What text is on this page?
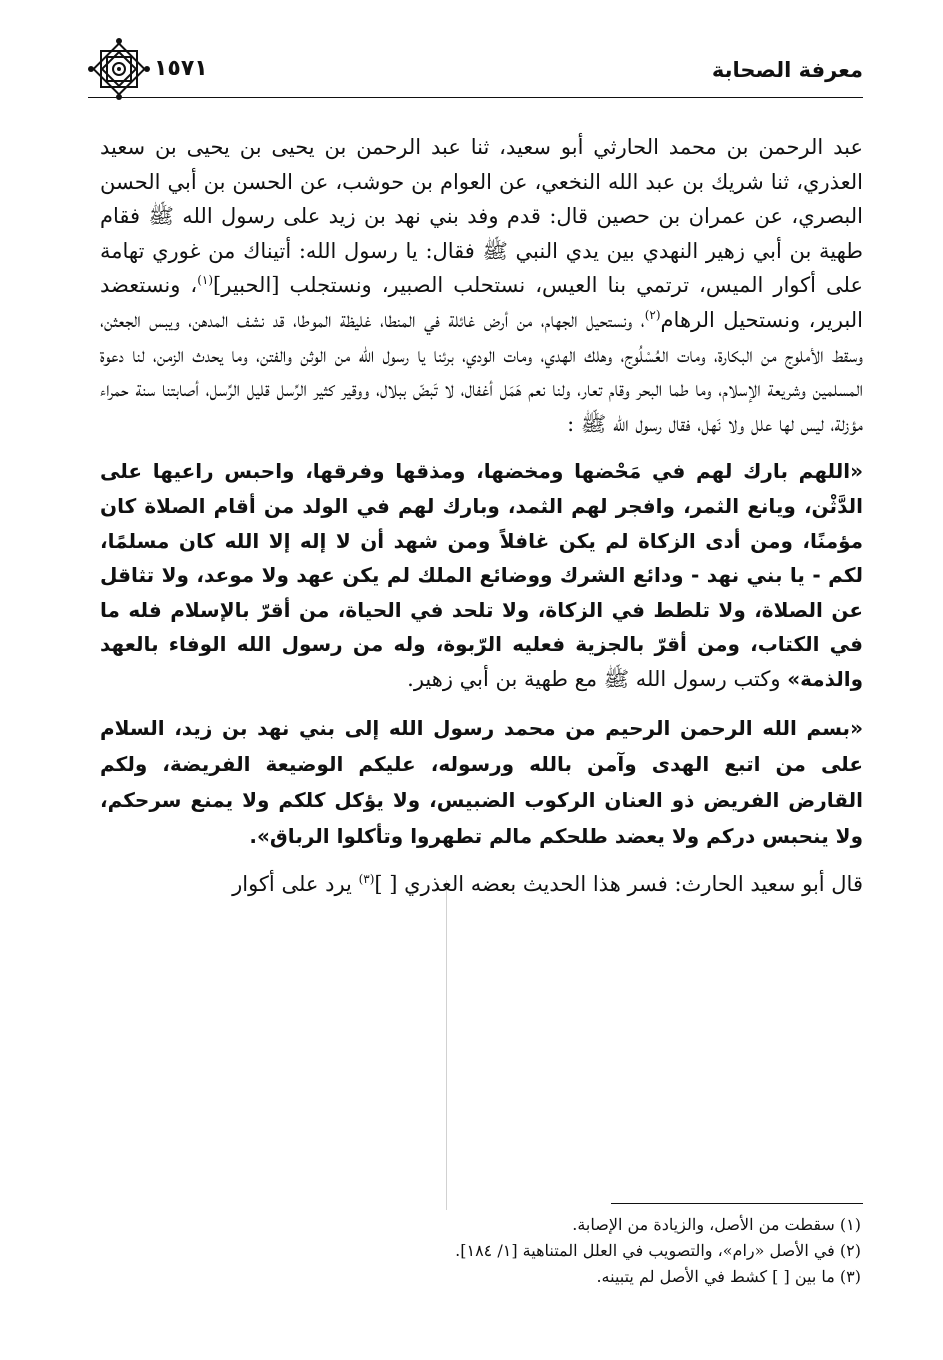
معرفة الصحابة
١٥٧١

عبد الرحمن بن محمد الحارثي أبو سعيد، ثنا عبد الرحمن بن يحيى بن يحيى بن سعيد العذري، ثنا شريك بن عبد الله النخعي، عن العوام بن حوشب، عن الحسن بن أبي الحسن البصري، عن عمران بن حصين قال: قدم وفد بني نهد بن زيد على رسول الله ﷺ فقام طهية بن أبي زهير النهدي بين يدي النبي ﷺ فقال: يا رسول الله: أتيناك من غوري تهامة على أكوار الميس، ترتمي بنا العيس، نستحلب الصبير، ونستجلب [الحبير]$^{(١)}$، ونستعضد البرير، ونستحيل الرهام$^{(٢)}$، ونستحيل الجهام، من أرض غائلة في المنطا، غليظة الموطا، قد نشف المدهن، ويبس الجعثن، وسقط الأملوج من البكارة، ومات العُسْلُوج، وهلك الهدي، ومات الودي، برئنا يا رسول الله من الوثن والفتن، وما يحدث الزمن، لنا دعوة المسلمين وشريعة الإسلام، وما طما البحر وقام تعار، ولنا نعم هَمَل أغفال، لا تَبضّ ببلال، ووقير كثير الرِّسل قليل الرِّسل، أصابتنا سنة حمراء مؤزلة، ليس لها علل ولا نَهل، فقال رسول الله ﷺ :

«اللهم بارك لهم في مَحْضها ومخضها، ومذقها وفرقها، واحبس راعيها على الدَّثْن، ويانع الثمر، وافجر لهم الثمد، وبارك لهم في الولد من أقام الصلاة كان مؤمنًا، ومن أدى الزكاة لم يكن غافلاً ومن شهد أن لا إله إلا الله كان مسلمًا، لكم - يا بني نهد - ودائع الشرك ووضائع الملك لم يكن عهد ولا موعد، ولا تثاقل عن الصلاة، ولا تلطط في الزكاة، ولا تلحد في الحياة، من أقرّ بالإسلام فله ما في الكتاب، ومن أقرّ بالجزية فعليه الرّبوة، وله من رسول الله الوفاء بالعهد والذمة» وكتب رسول الله ﷺ مع طهية بن أبي زهير.

«بسم الله الرحمن الرحيم من محمد رسول الله إلى بني نهد بن زيد، السلام على من اتبع الهدى وآمن بالله ورسوله، عليكم الوضيعة الفريضة، ولكم القارض الفريض ذو العنان الركوب الضبيس، ولا يؤكل كلكم ولا يمنع سرحكم، ولا ينحبس دركم ولا يعضد طلحكم مالم تطهروا وتأكلوا الرباق».

قال أبو سعيد الحارث: فسر هذا الحديث بعضه العذري [ ]$^{(٣)}$ يرد على أكوار

(١) سقطت من الأصل، والزيادة من الإصابة.

(٢) في الأصل «رام»، والتصويب في العلل المتناهية [١/ ١٨٤].

(٣) ما بين [ ] كشط في الأصل لم يتبينه.
